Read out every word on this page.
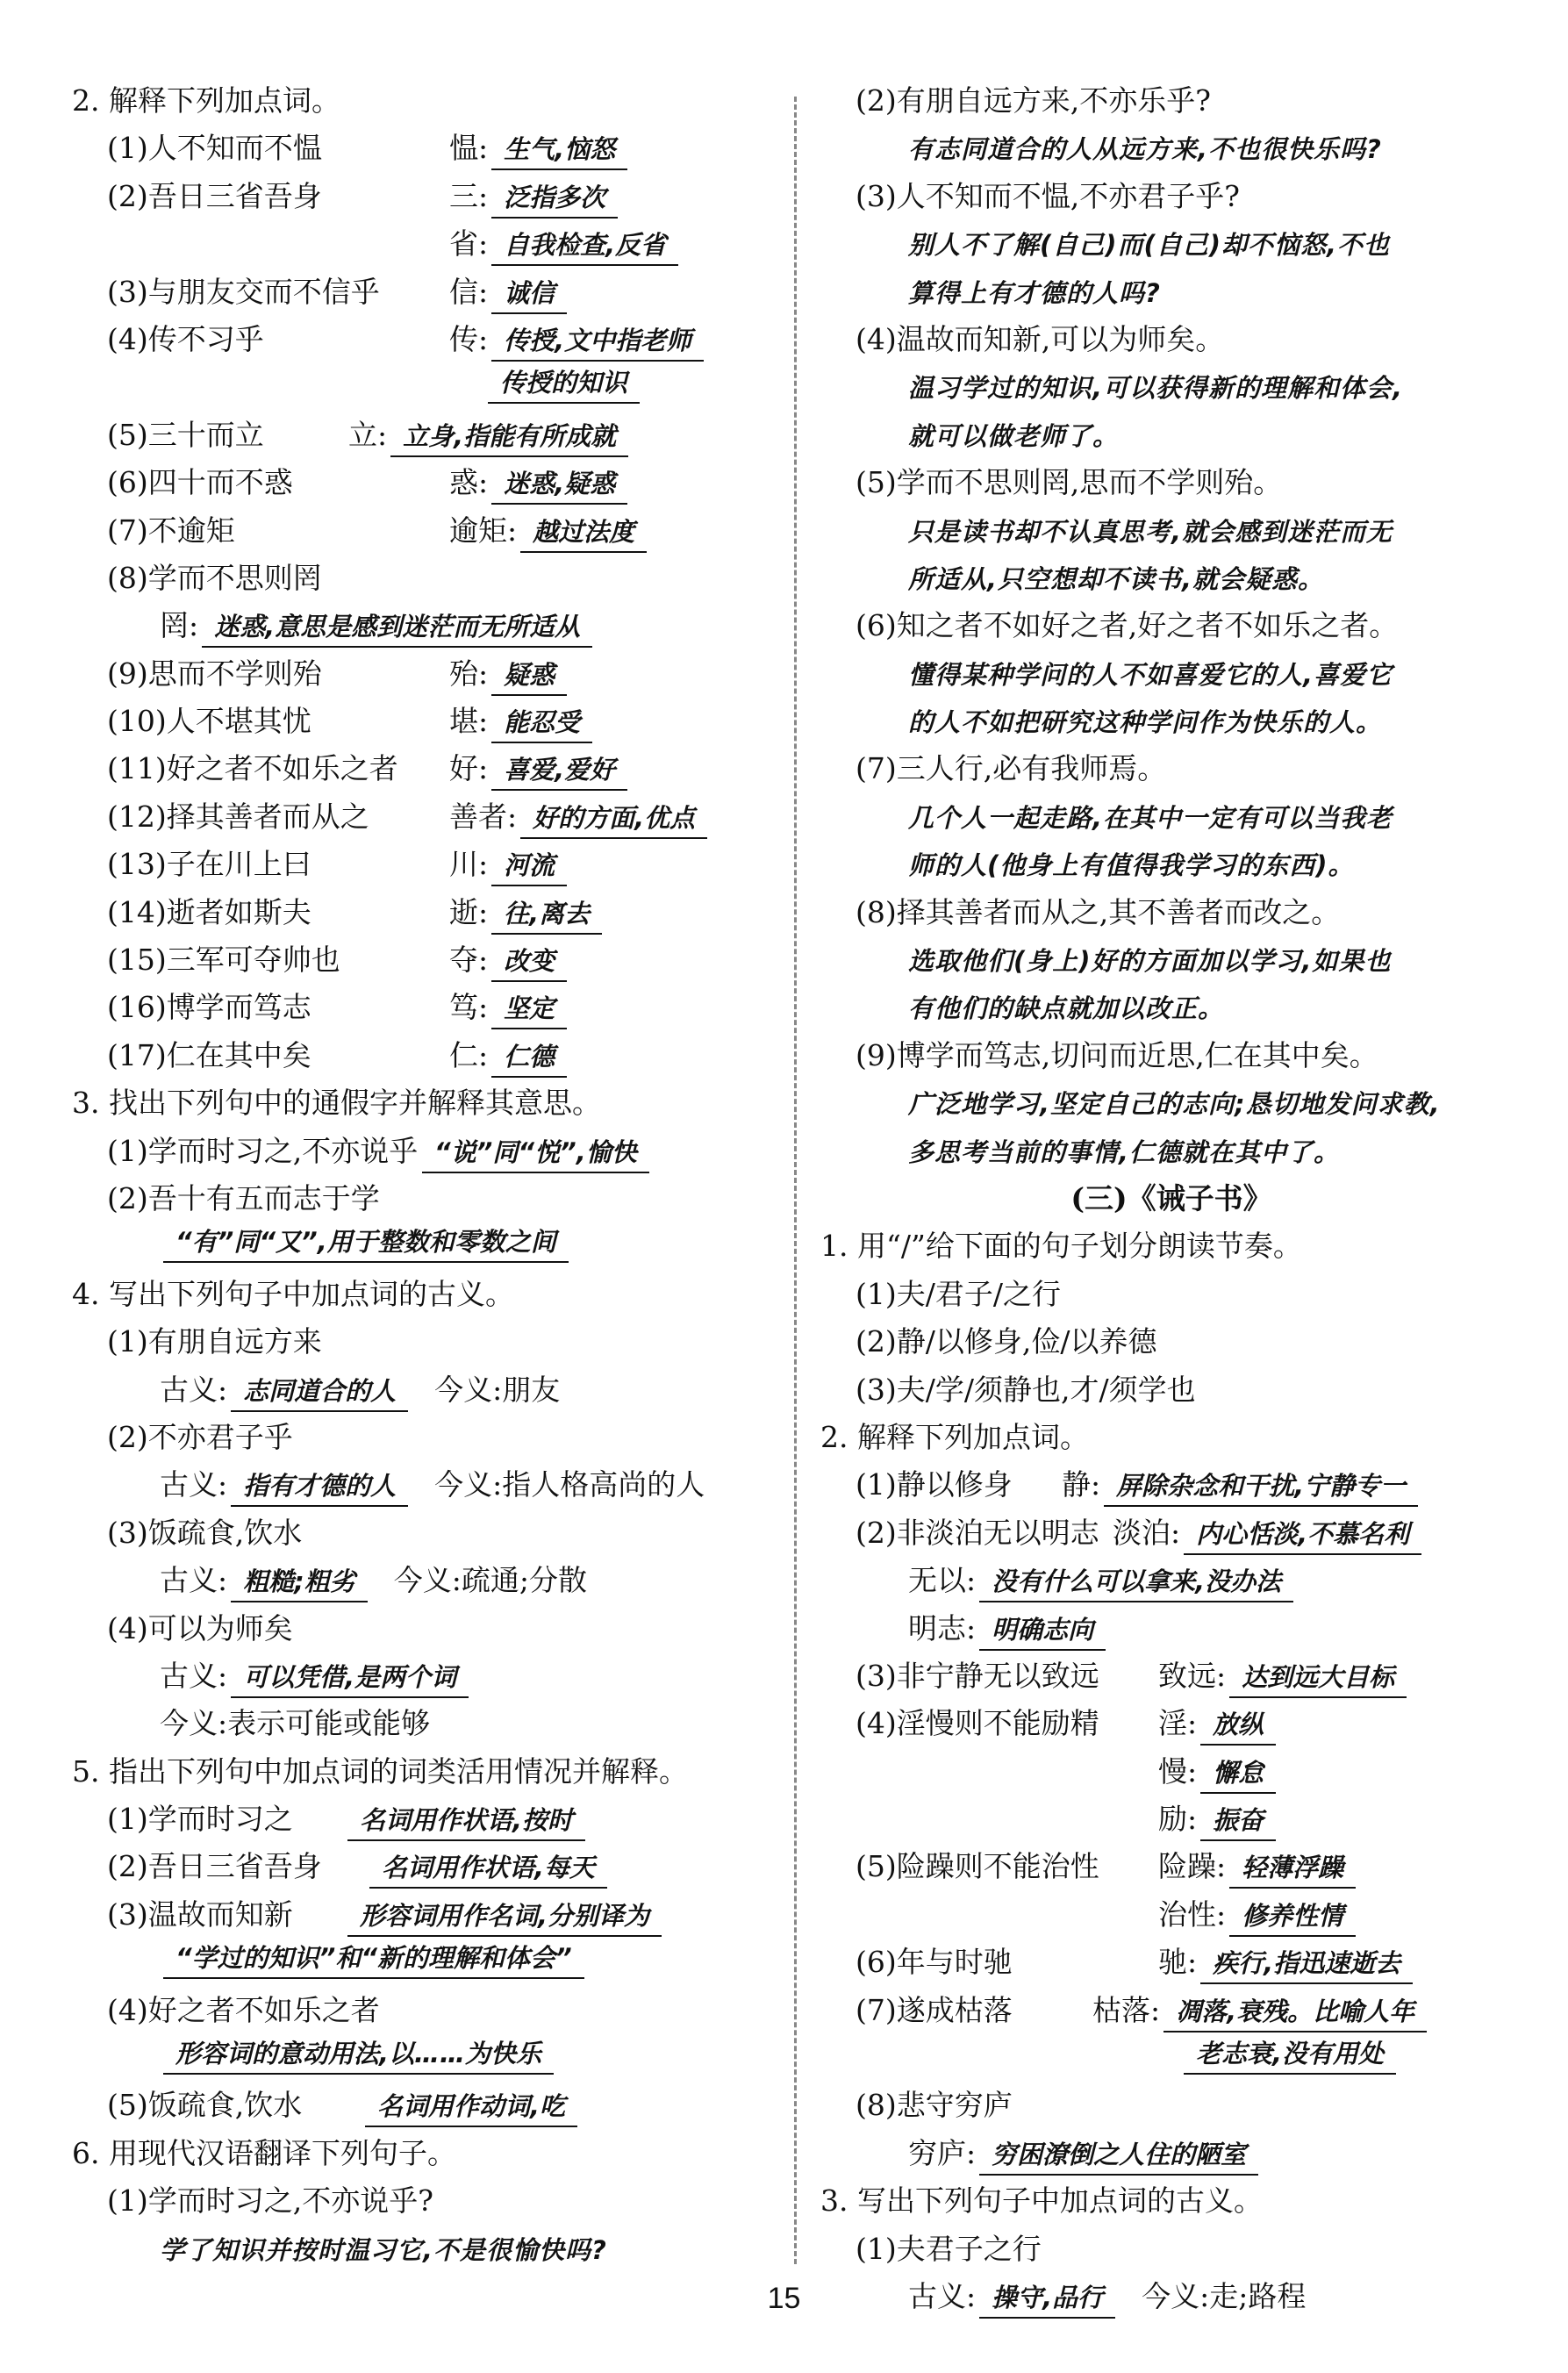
2. 解释下列加点词。
(1)人不知而不愠	愠: 生气,恼怒
(2)吾日三省吾身	三: 泛指多次
省: 自我检查,反省
(3)与朋友交而不信乎 信: 诚信
(4)传不习乎	传: 传授,文中指老师
传授的知识
(5)三十而立	立: 立身,指能有所成就
(6)四十而不惑	惑: 迷惑,疑惑
(7)不逾矩	逾矩: 越过法度
(8)学而不思则罔
罔: 迷惑,意思是感到迷茫而无所适从
(9)思而不学则殆	殆: 疑惑
(10)人不堪其忧	堪: 能忍受
(11)好之者不如乐之者 好: 喜爱,爱好
(12)择其善者而从之	善者: 好的方面,优点
(13)子在川上曰	川: 河流
(14)逝者如斯夫	逝: 往,离去
(15)三军可夺帅也	夺: 改变
(16)博学而笃志	笃: 坚定
(17)仁在其中矣	仁: 仁德
3. 找出下列句中的通假字并解释其意思。
(1)学而时习之,不亦说乎 “说”同“悦”,愉快
(2)吾十有五而志于学
“有”同“又”,用于整数和零数之间
4. 写出下列句子中加点词的古义。
(1)有朋自远方来
古义: 志同道合的人 今义:朋友
(2)不亦君子乎
古义: 指有才德的人 今义:指人格高尚的人
(3)饭疏食,饮水
古义: 粗糙;粗劣 今义:疏通;分散
(4)可以为师矣
古义: 可以凭借,是两个词
今义:表示可能或能够
5. 指出下列句中加点词的词类活用情况并解释。
(1)学而时习之	名词用作状语,按时
(2)吾日三省吾身	名词用作状语,每天
(3)温故而知新	形容词用作名词,分别译为
“学过的知识”和“新的理解和体会”
(4)好之者不如乐之者
形容词的意动用法,以……为快乐
(5)饭疏食,饮水	名词用作动词,吃
6. 用现代汉语翻译下列句子。
(1)学而时习之,不亦说乎?
学了知识并按时温习它,不是很愉快吗?
(2)有朋自远方来,不亦乐乎?
有志同道合的人从远方来,不也很快乐吗?
(3)人不知而不愠,不亦君子乎?
别人不了解(自己)而(自己)却不恼怒,不也
算得上有才德的人吗?
(4)温故而知新,可以为师矣。
温习学过的知识,可以获得新的理解和体会,
就可以做老师了。
(5)学而不思则罔,思而不学则殆。
只是读书却不认真思考,就会感到迷茫而无
所适从,只空想却不读书,就会疑惑。
(6)知之者不如好之者,好之者不如乐之者。
懂得某种学问的人不如喜爱它的人,喜爱它
的人不如把研究这种学问作为快乐的人。
(7)三人行,必有我师焉。
几个人一起走路,在其中一定有可以当我老
师的人(他身上有值得我学习的东西)。
(8)择其善者而从之,其不善者而改之。
选取他们(身上)好的方面加以学习,如果也
有他们的缺点就加以改正。
(9)博学而笃志,切问而近思,仁在其中矣。
广泛地学习,坚定自己的志向;恳切地发问求教,
多思考当前的事情,仁德就在其中了。
(三)《诫子书》
1. 用“/”给下面的句子划分朗读节奏。
(1)夫/君子/之行
(2)静/以修身,俭/以养德
(3)夫/学/须静也,才/须学也
2. 解释下列加点词。
(1)静以修身 静: 屏除杂念和干扰,宁静专一
(2)非淡泊无以明志 淡泊: 内心恬淡,不慕名利
无以: 没有什么可以拿来,没办法
明志: 明确志向
(3)非宁静无以致远 致远: 达到远大目标
(4)淫慢则不能励精 淫: 放纵
慢: 懈怠
励: 振奋
(5)险躁则不能治性 险躁: 轻薄浮躁
治性: 修养性情
(6)年与时驰	驰: 疾行,指迅速逝去
(7)遂成枯落	枯落: 凋落,衰残。比喻人年
老志衰,没有用处
(8)悲守穷庐
穷庐: 穷困潦倒之人住的陋室
3. 写出下列句子中加点词的古义。
(1)夫君子之行
古义: 操守,品行 今义:走;路程
15
